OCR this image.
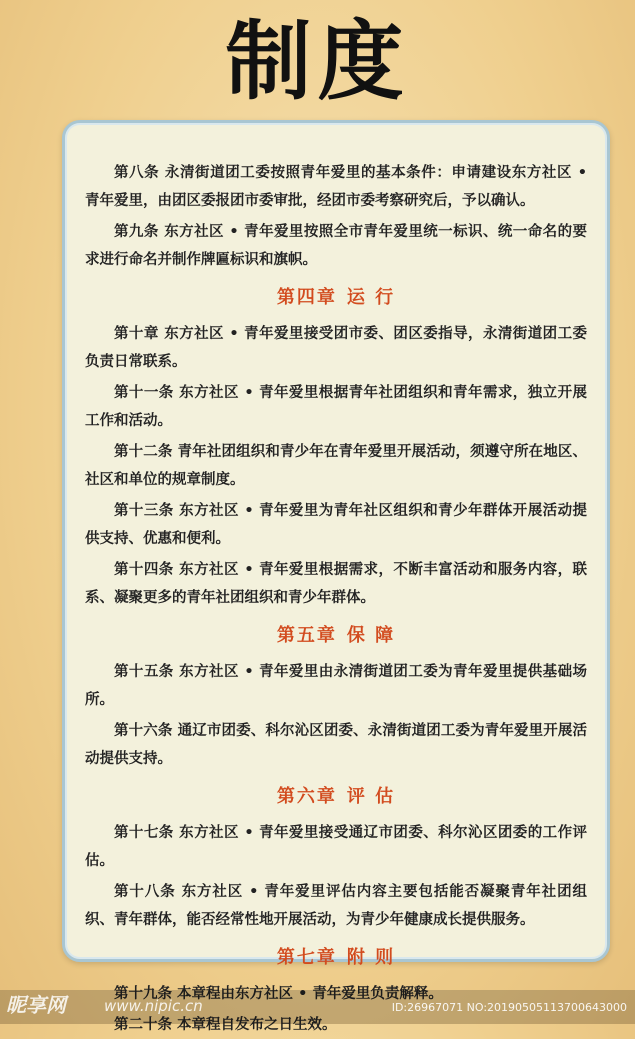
制度

第八条 永清街道团工委按照青年爱里的基本条件：申请建设东方社区 • 青年爱里，由团区委报团市委审批，经团市委考察研究后，予以确认。

第九条 东方社区 • 青年爱里按照全市青年爱里统一标识、统一命名的要求进行命名并制作牌匾标识和旗帜。

第四章 运 行

第十章 东方社区 • 青年爱里接受团市委、团区委指导，永清街道团工委负责日常联系。

第十一条 东方社区 • 青年爱里根据青年社团组织和青年需求，独立开展工作和活动。

第十二条 青年社团组织和青少年在青年爱里开展活动，须遵守所在地区、社区和单位的规章制度。

第十三条 东方社区 • 青年爱里为青年社区组织和青少年群体开展活动提供支持、优惠和便利。

第十四条 东方社区 • 青年爱里根据需求，不断丰富活动和服务内容，联系、凝聚更多的青年社团组织和青少年群体。

第五章 保 障

第十五条 东方社区 • 青年爱里由永清街道团工委为青年爱里提供基础场所。

第十六条 通辽市团委、科尔沁区团委、永清街道团工委为青年爱里开展活动提供支持。

第六章 评 估

第十七条 东方社区 • 青年爱里接受通辽市团委、科尔沁区团委的工作评估。

第十八条 东方社区 • 青年爱里评估内容主要包括能否凝聚青年社团组织、青年群体，能否经常性地开展活动，为青少年健康成长提供服务。

第七章 附 则

第十九条 本章程由东方社区 • 青年爱里负责解释。

第二十条 本章程自发布之日生效。

昵享网	www.nipic.cn	ID:26967071 NO:20190505113700643000
